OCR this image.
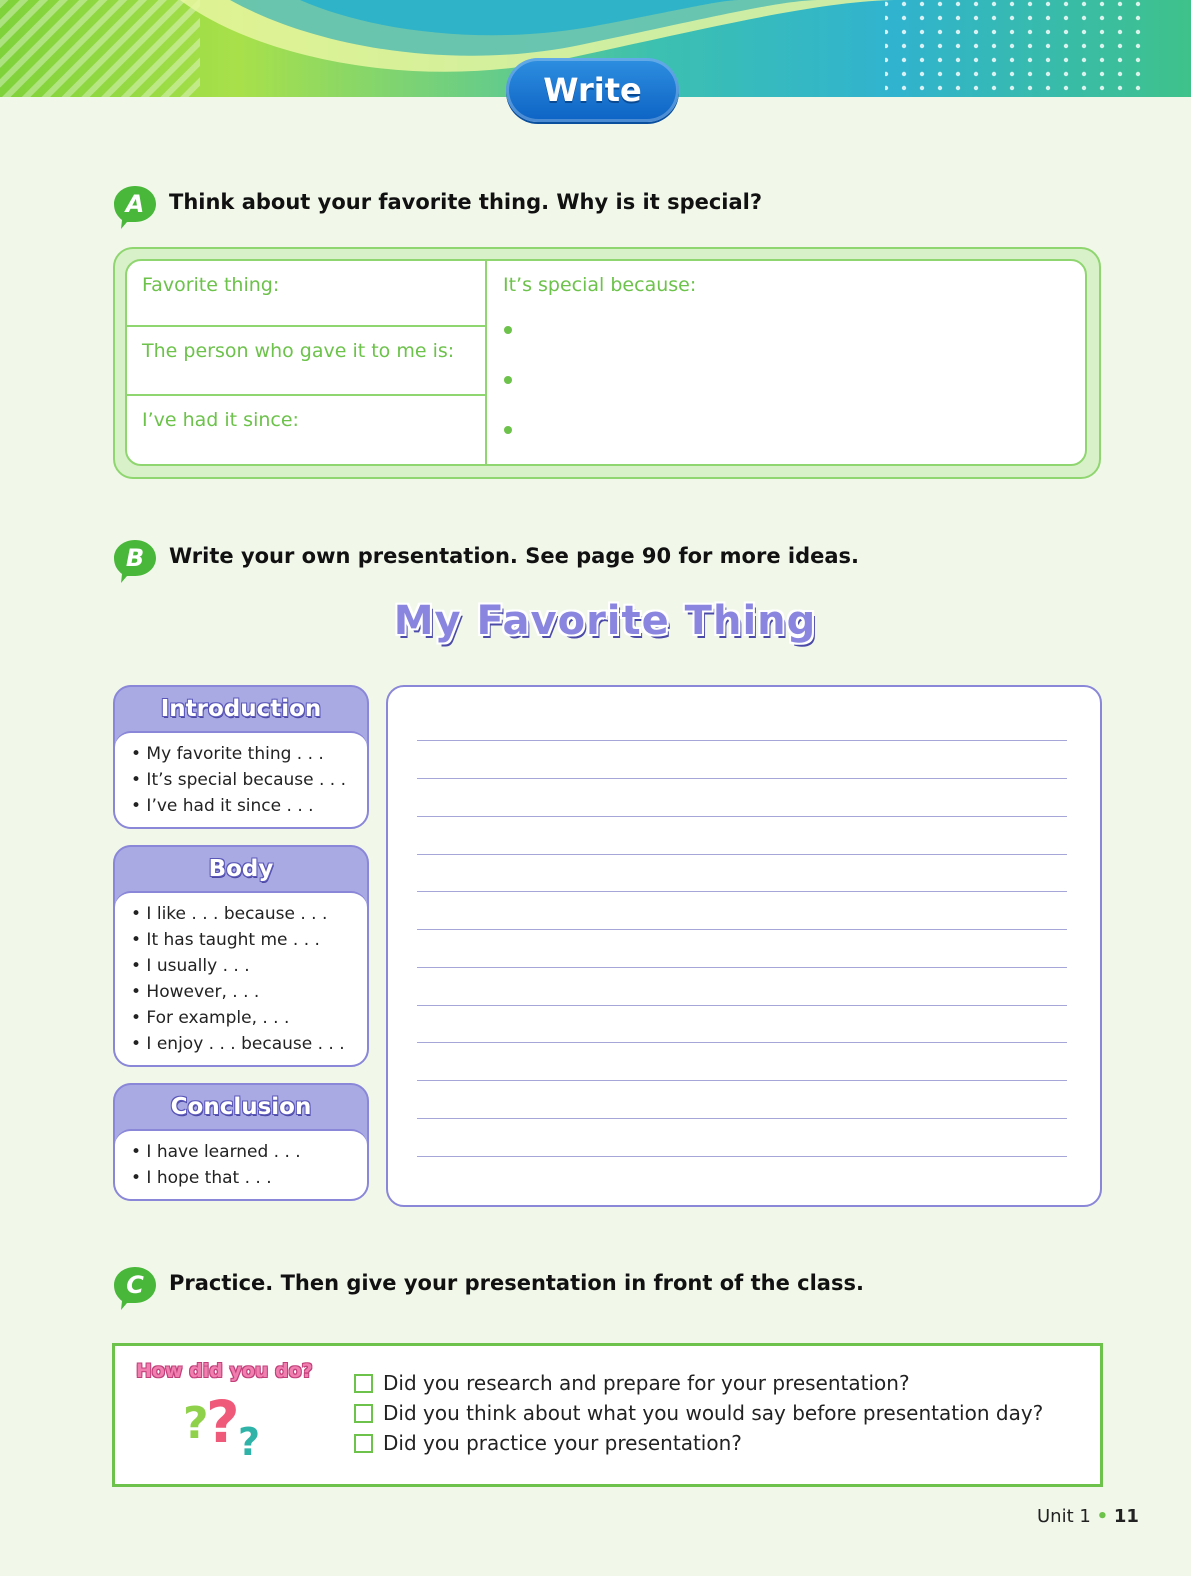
Write
A	Think about your favorite thing. Why is it special?
Favorite thing:
The person who gave it to me is:
I’ve had it since:
It’s special because:
B	Write your own presentation. See page 90 for more ideas.
My Favorite Thing
Introduction
• My favorite thing . . .
• It’s special because . . .
• I’ve had it since . . .
Body
• I like . . . because . . .
• It has taught me . . .
• I usually . . .
• However, . . .
• For example, . . .
• I enjoy . . . because . . .
Conclusion
• I have learned . . .
• I hope that . . .
C	Practice. Then give your presentation in front of the class.
How did you do?
?
?
?
Did you research and prepare for your presentation?
Did you think about what you would say before presentation day?
Did you practice your presentation?
Unit 1 • 11
